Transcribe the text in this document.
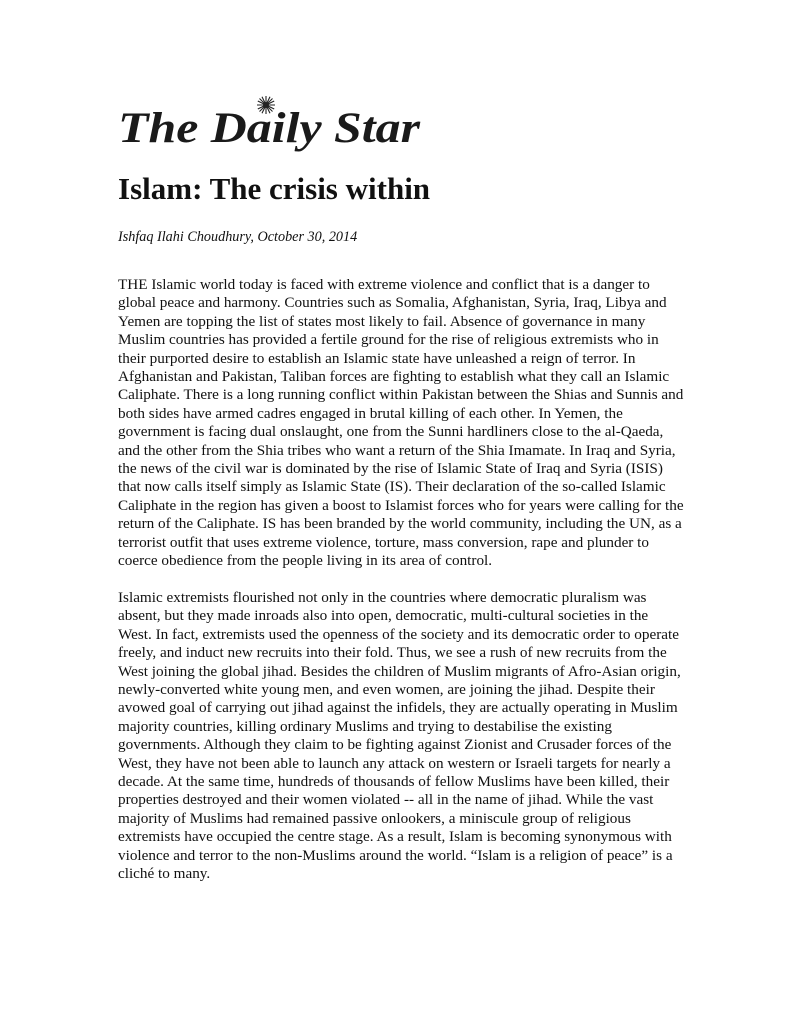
The Daily Star
Islam: The crisis within

Ishfaq Ilahi Choudhury, October 30, 2014

THE Islamic world today is faced with extreme violence and conflict that is a danger to global peace and harmony. Countries such as Somalia, Afghanistan, Syria, Iraq, Libya and Yemen are topping the list of states most likely to fail. Absence of governance in many Muslim countries has provided a fertile ground for the rise of religious extremists who in their purported desire to establish an Islamic state have unleashed a reign of terror. In Afghanistan and Pakistan, Taliban forces are fighting to establish what they call an Islamic Caliphate. There is a long running conflict within Pakistan between the Shias and Sunnis and both sides have armed cadres engaged in brutal killing of each other. In Yemen, the government is facing dual onslaught, one from the Sunni hardliners close to the al-Qaeda, and the other from the Shia tribes who want a return of the Shia Imamate. In Iraq and Syria, the news of the civil war is dominated by the rise of Islamic State of Iraq and Syria (ISIS) that now calls itself simply as Islamic State (IS). Their declaration of the so-called Islamic Caliphate in the region has given a boost to Islamist forces who for years were calling for the return of the Caliphate. IS has been branded by the world community, including the UN, as a terrorist outfit that uses extreme violence, torture, mass conversion, rape and plunder to coerce obedience from the people living in its area of control.

Islamic extremists flourished not only in the countries where democratic pluralism was absent, but they made inroads also into open, democratic, multi-cultural societies in the West. In fact, extremists used the openness of the society and its democratic order to operate freely, and induct new recruits into their fold. Thus, we see a rush of new recruits from the West joining the global jihad. Besides the children of Muslim migrants of Afro-Asian origin, newly-converted white young men, and even women, are joining the jihad. Despite their avowed goal of carrying out jihad against the infidels, they are actually operating in Muslim majority countries, killing ordinary Muslims and trying to destabilise the existing governments. Although they claim to be fighting against Zionist and Crusader forces of the West, they have not been able to launch any attack on western or Israeli targets for nearly a decade. At the same time, hundreds of thousands of fellow Muslims have been killed, their properties destroyed and their women violated -- all in the name of jihad. While the vast majority of Muslims had remained passive onlookers, a miniscule group of religious extremists have occupied the centre stage. As a result, Islam is becoming synonymous with violence and terror to the non-Muslims around the world. “Islam is a religion of peace” is a cliché to many.
